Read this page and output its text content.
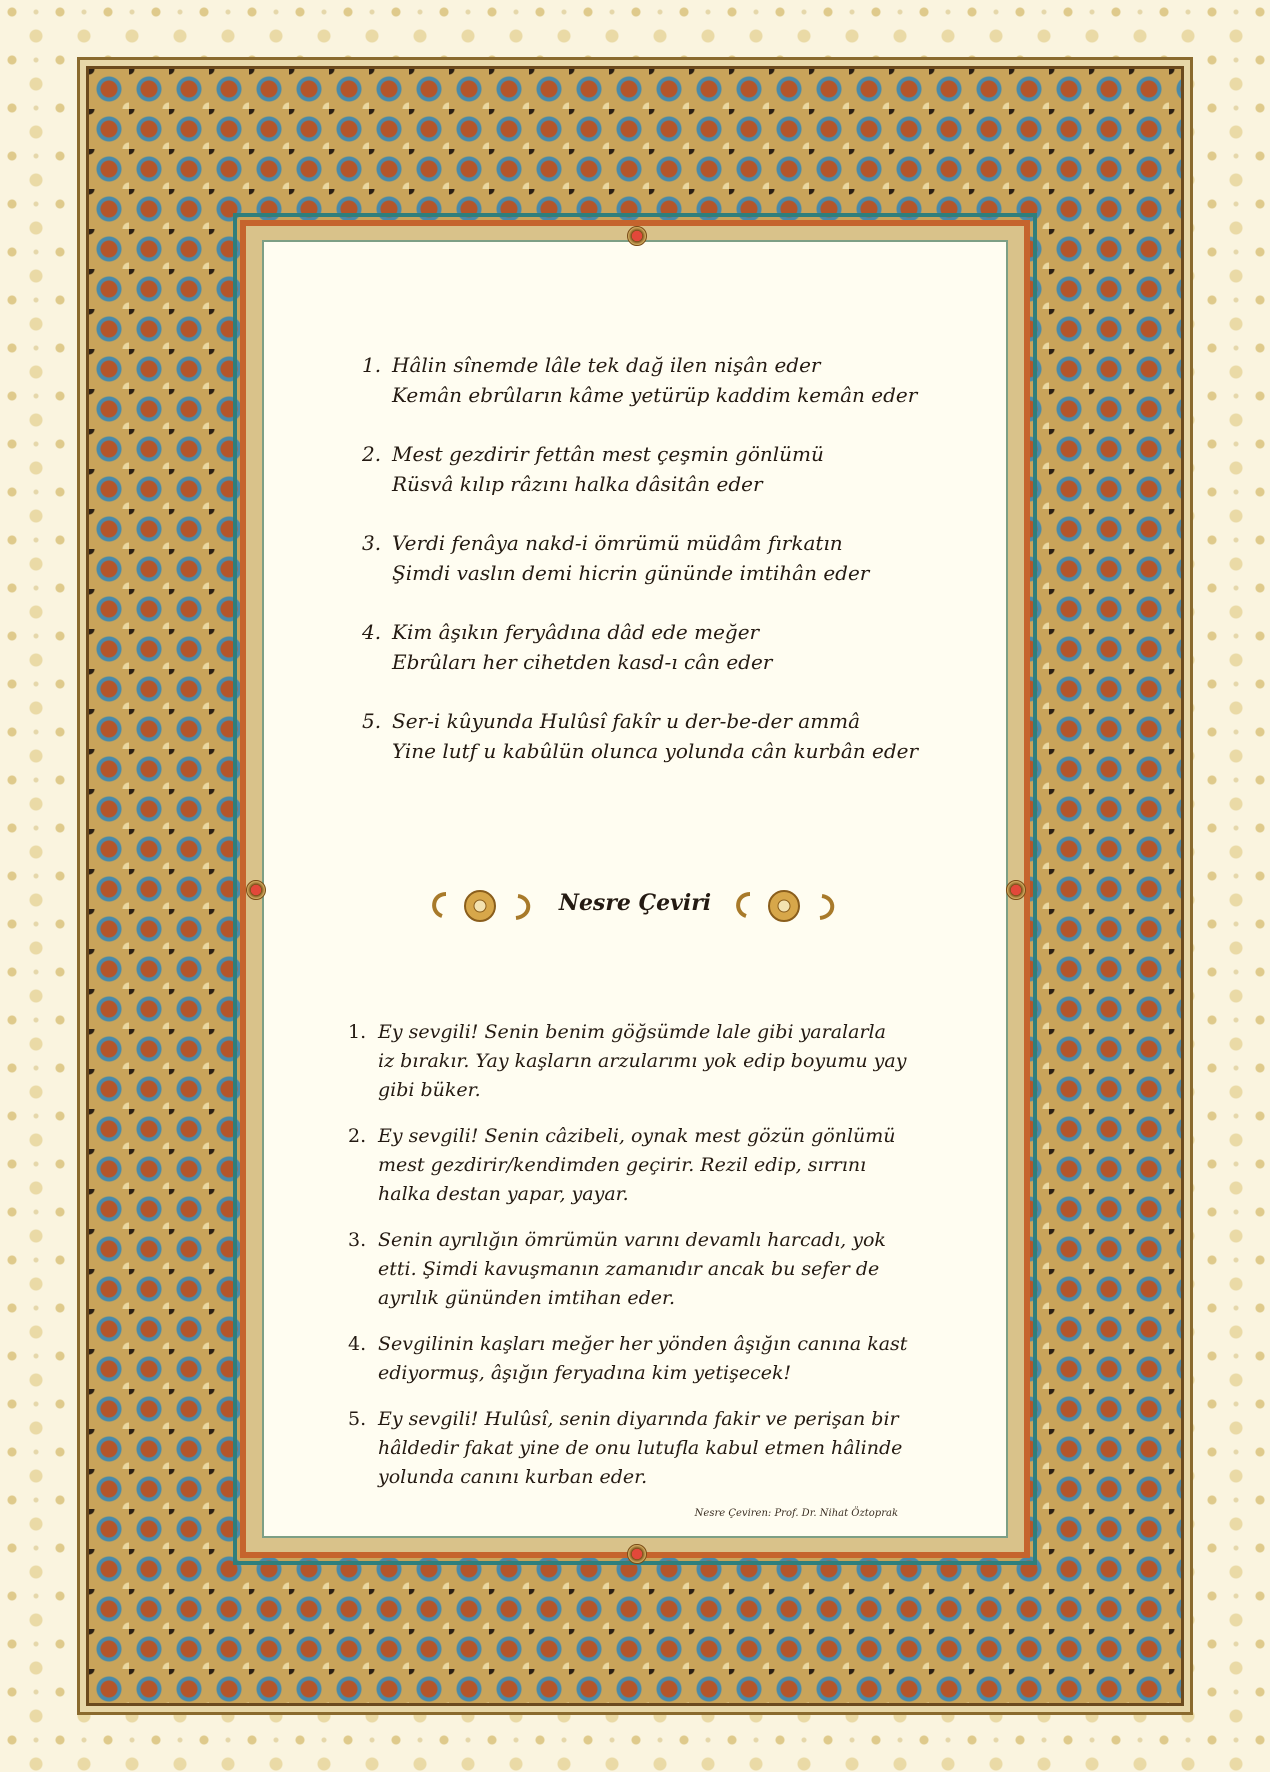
1. Hâlin sînemde lâle tek dağ ilen nişân eder
Kemân ebrûların kâme yetürüp kaddim kemân eder
2. Mest gezdirir fettân mest çeşmin gönlümü
Rüsvâ kılıp râzını halka dâsitân eder
3. Verdi fenâya nakd-i ömrümü müdâm fırkatın
Şimdi vaslın demi hicrin gününde imtihân eder
4. Kim âşıkın feryâdına dâd ede meğer
Ebrûları her cihetden kasd-ı cân eder
5. Ser-i kûyunda Hulûsî fakîr u der-be-der ammâ
Yine lutf u kabûlün olunca yolunda cân kurbân eder
Nesre Çeviri
1. Ey sevgili! Senin benim göğsümde lale gibi yaralarla iz bırakır. Yay kaşların arzularımı yok edip boyumu yay gibi büker.
2. Ey sevgili! Senin câzibeli, oynak mest gözün gönlümü mest gezdirir/kendimden geçirir. Rezil edip, sırrını halka destan yapar, yayar.
3. Senin ayrılığın ömrümün varını devamlı harcadı, yok etti. Şimdi kavuşmanın zamanıdır ancak bu sefer de ayrılık gününden imtihan eder.
4. Sevgilinin kaşları meğer her yönden âşığın canına kast ediyormuş, âşığın feryadına kim yetişecek!
5. Ey sevgili! Hulûsî, senin diyarında fakir ve perişan bir hâldedir fakat yine de onu lutufla kabul etmen hâlinde yolunda canını kurban eder.
Nesre Çeviren: Prof. Dr. Nihat Öztoprak
